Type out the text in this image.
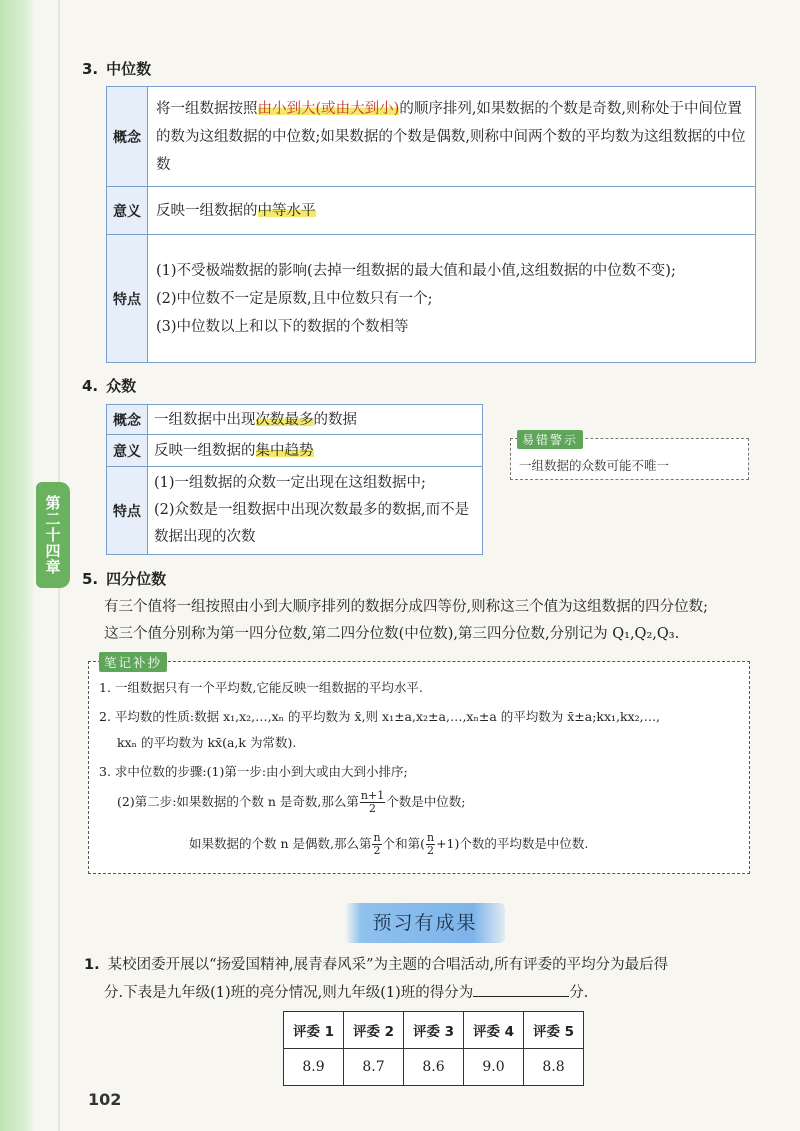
第二十四章
3. 中位数
概念	将一组数据按照由小到大(或由大到小)的顺序排列,如果数据的个数是奇数,则称处于中间位置的数为这组数据的中位数;如果数据的个数是偶数,则称中间两个数的平均数为这组数据的中位数
意义	反映一组数据的中等水平
特点	(1)不受极端数据的影响(去掉一组数据的最大值和最小值,这组数据的中位数不变);
(2)中位数不一定是原数,且中位数只有一个;
(3)中位数以上和以下的数据的个数相等
4. 众数
概念	一组数据中出现次数最多的数据
意义	反映一组数据的集中趋势
特点	(1)一组数据的众数一定出现在这组数据中;
(2)众数是一组数据中出现次数最多的数据,而不是数据出现的次数
易错警示
一组数据的众数可能不唯一
5. 四分位数
有三个值将一组按照由小到大顺序排列的数据分成四等份,则称这三个值为这组数据的四分位数;
这三个值分别称为第一四分位数,第二四分位数(中位数),第三四分位数,分别记为 Q₁,Q₂,Q₃.
笔记补抄
1. 一组数据只有一个平均数,它能反映一组数据的平均水平.
2. 平均数的性质:数据 x₁,x₂,…,xₙ 的平均数为 x̄,则 x₁±a,x₂±a,…,xₙ±a 的平均数为 x̄±a;kx₁,kx₂,…,
kxₙ 的平均数为 kx̄(a,k 为常数).
3. 求中位数的步骤:(1)第一步:由小到大或由大到小排序;
(2)第二步:如果数据的个数 n 是奇数,那么第 $\frac{n+1}{2}$ 个数是中位数;
如果数据的个数 n 是偶数,那么第 $\frac{n}{2}$ 个和第( $\frac{n}{2} +1$)个数的平均数是中位数.
预习有成果
1. 某校团委开展以“扬爱国精神,展青春风采”为主题的合唱活动,所有评委的平均分为最后得
分.下表是九年级(1)班的亮分情况,则九年级(1)班的得分为	分.
评委 1	评委 2	评委 3	评委 4	评委 5
8.9	8.7	8.6	9.0	8.8
102
